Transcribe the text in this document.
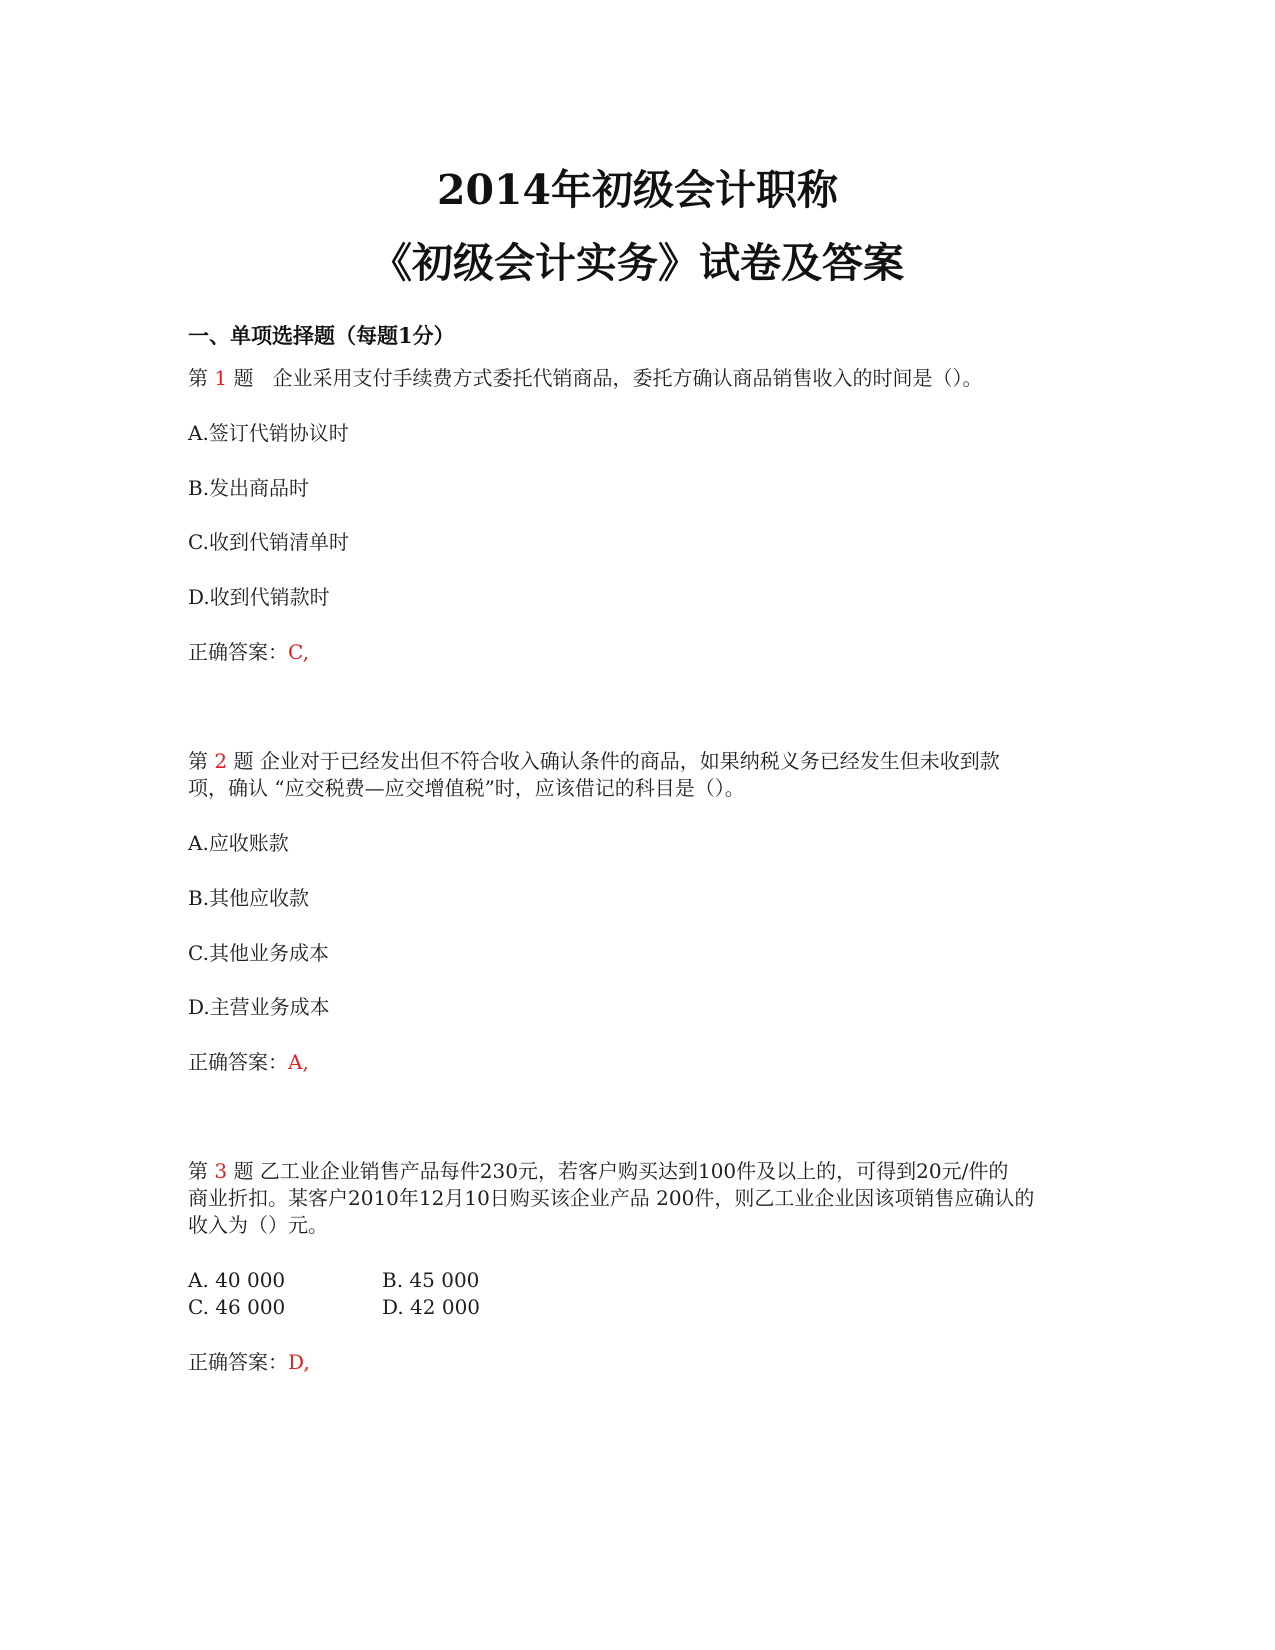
2014年初级会计职称
《初级会计实务》试卷及答案
一、单项选择题（每题1分）
第 1 题   企业采用支付手续费方式委托代销商品，委托方确认商品销售收入的时间是（）。
A.签订代销协议时
B.发出商品时
C.收到代销清单时
D.收到代销款时
正确答案：C,
第 2 题 企业对于已经发出但不符合收入确认条件的商品，如果纳税义务已经发生但未收到款
项，确认 “应交税费—应交增值税”时，应该借记的科目是（）。
A.应收账款
B.其他应收款
C.其他业务成本
D.主营业务成本
正确答案：A,
第 3 题 乙工业企业销售产品每件230元，若客户购买达到100件及以上的，可得到20元/件的
商业折扣。某客户2010年12月10日购买该企业产品 200件，则乙工业企业因该项销售应确认的
收入为（）元。
A. 40 000	B. 45 000
C. 46 000	D. 42 000
正确答案：D,
